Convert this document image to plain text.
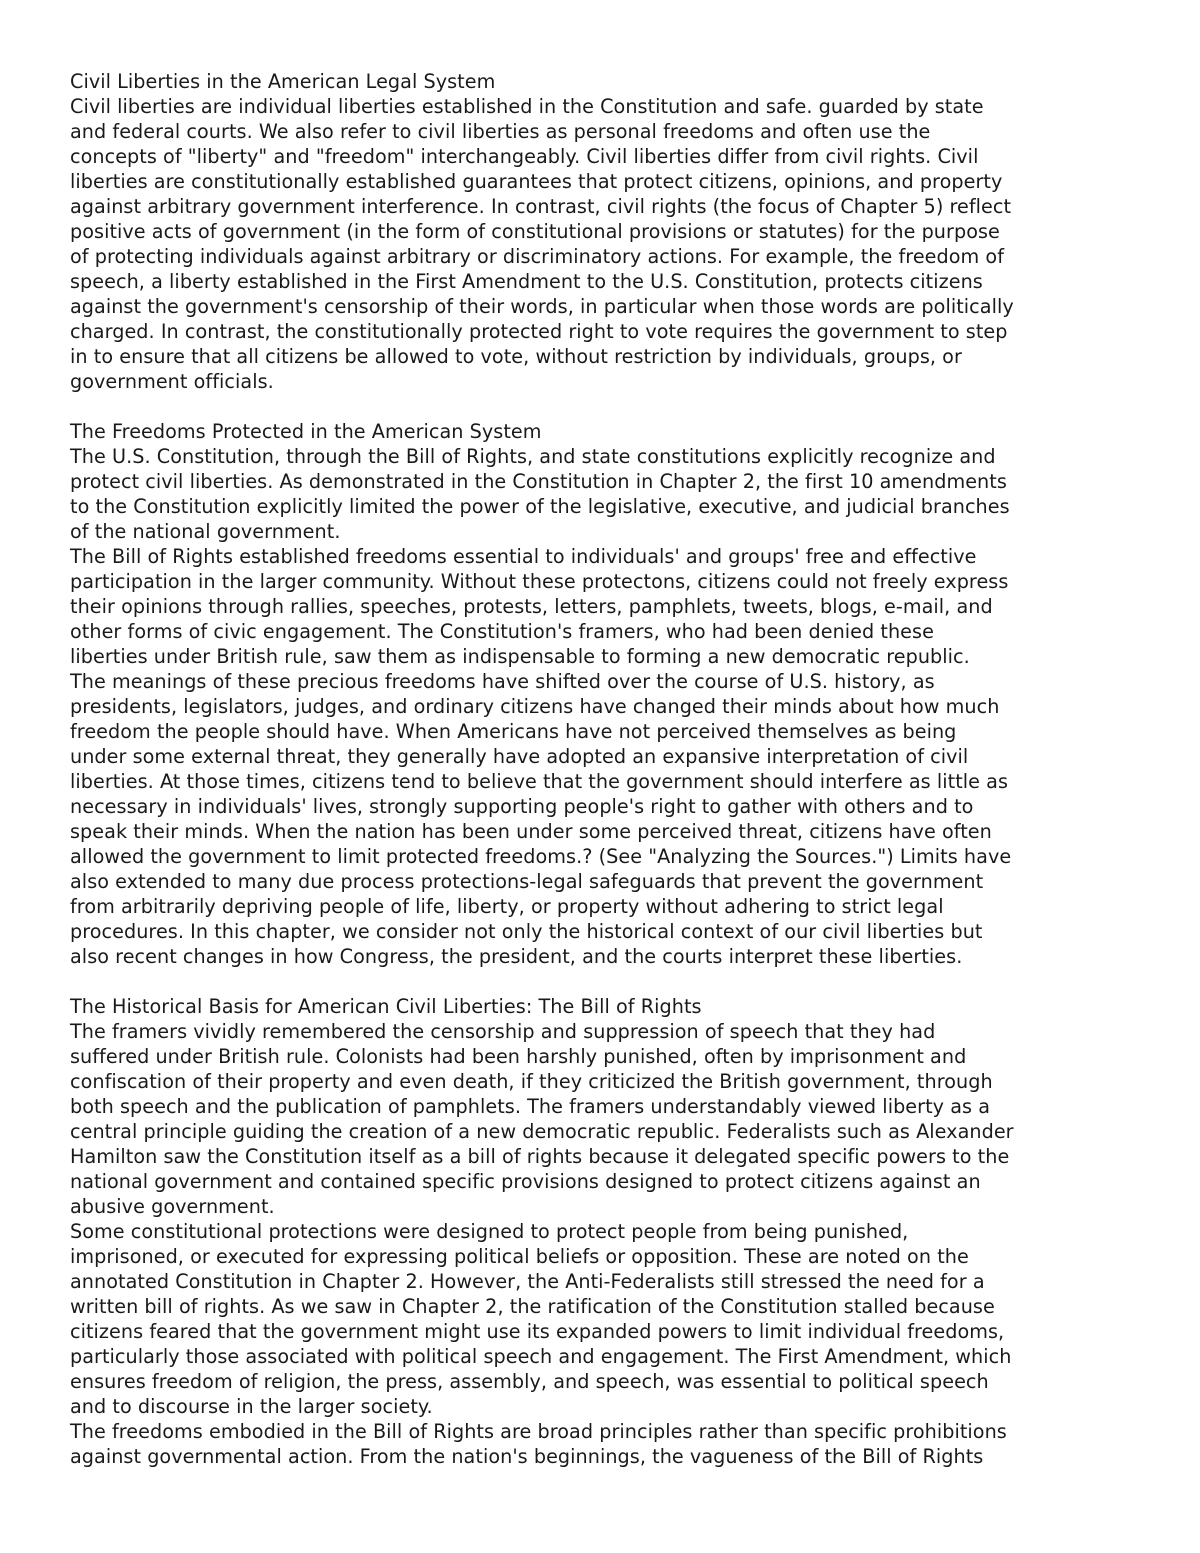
Civil Liberties in the American Legal System
Civil liberties are individual liberties established in the Constitution and safe. guarded by state
and federal courts. We also refer to civil liberties as personal freedoms and often use the
concepts of "liberty" and "freedom" interchangeably. Civil liberties differ from civil rights. Civil
liberties are constitutionally established guarantees that protect citizens, opinions, and property
against arbitrary government interference. In contrast, civil rights (the focus of Chapter 5) reflect
positive acts of government (in the form of constitutional provisions or statutes) for the purpose
of protecting individuals against arbitrary or discriminatory actions. For example, the freedom of
speech, a liberty established in the First Amendment to the U.S. Constitution, protects citizens
against the government's censorship of their words, in particular when those words are politically
charged. In contrast, the constitutionally protected right to vote requires the government to step
in to ensure that all citizens be allowed to vote, without restriction by individuals, groups, or
government officials.
The Freedoms Protected in the American System
The U.S. Constitution, through the Bill of Rights, and state constitutions explicitly recognize and
protect civil liberties. As demonstrated in the Constitution in Chapter 2, the first 10 amendments
to the Constitution explicitly limited the power of the legislative, executive, and judicial branches
of the national government.
The Bill of Rights established freedoms essential to individuals' and groups' free and effective
participation in the larger community. Without these protectons, citizens could not freely express
their opinions through rallies, speeches, protests, letters, pamphlets, tweets, blogs, e-mail, and
other forms of civic engagement. The Constitution's framers, who had been denied these
liberties under British rule, saw them as indispensable to forming a new democratic republic.
The meanings of these precious freedoms have shifted over the course of U.S. history, as
presidents, legislators, judges, and ordinary citizens have changed their minds about how much
freedom the people should have. When Americans have not perceived themselves as being
under some external threat, they generally have adopted an expansive interpretation of civil
liberties. At those times, citizens tend to believe that the government should interfere as little as
necessary in individuals' lives, strongly supporting people's right to gather with others and to
speak their minds. When the nation has been under some perceived threat, citizens have often
allowed the government to limit protected freedoms.? (See "Analyzing the Sources.") Limits have
also extended to many due process protections-legal safeguards that prevent the government
from arbitrarily depriving people of life, liberty, or property without adhering to strict legal
procedures. In this chapter, we consider not only the historical context of our civil liberties but
also recent changes in how Congress, the president, and the courts interpret these liberties.
The Historical Basis for American Civil Liberties: The Bill of Rights
The framers vividly remembered the censorship and suppression of speech that they had
suffered under British rule. Colonists had been harshly punished, often by imprisonment and
confiscation of their property and even death, if they criticized the British government, through
both speech and the publication of pamphlets. The framers understandably viewed liberty as a
central principle guiding the creation of a new democratic republic. Federalists such as Alexander
Hamilton saw the Constitution itself as a bill of rights because it delegated specific powers to the
national government and contained specific provisions designed to protect citizens against an
abusive government.
Some constitutional protections were designed to protect people from being punished,
imprisoned, or executed for expressing political beliefs or opposition. These are noted on the
annotated Constitution in Chapter 2. However, the Anti-Federalists still stressed the need for a
written bill of rights. As we saw in Chapter 2, the ratification of the Constitution stalled because
citizens feared that the government might use its expanded powers to limit individual freedoms,
particularly those associated with political speech and engagement. The First Amendment, which
ensures freedom of religion, the press, assembly, and speech, was essential to political speech
and to discourse in the larger society.
The freedoms embodied in the Bill of Rights are broad principles rather than specific prohibitions
against governmental action. From the nation's beginnings, the vagueness of the Bill of Rights
